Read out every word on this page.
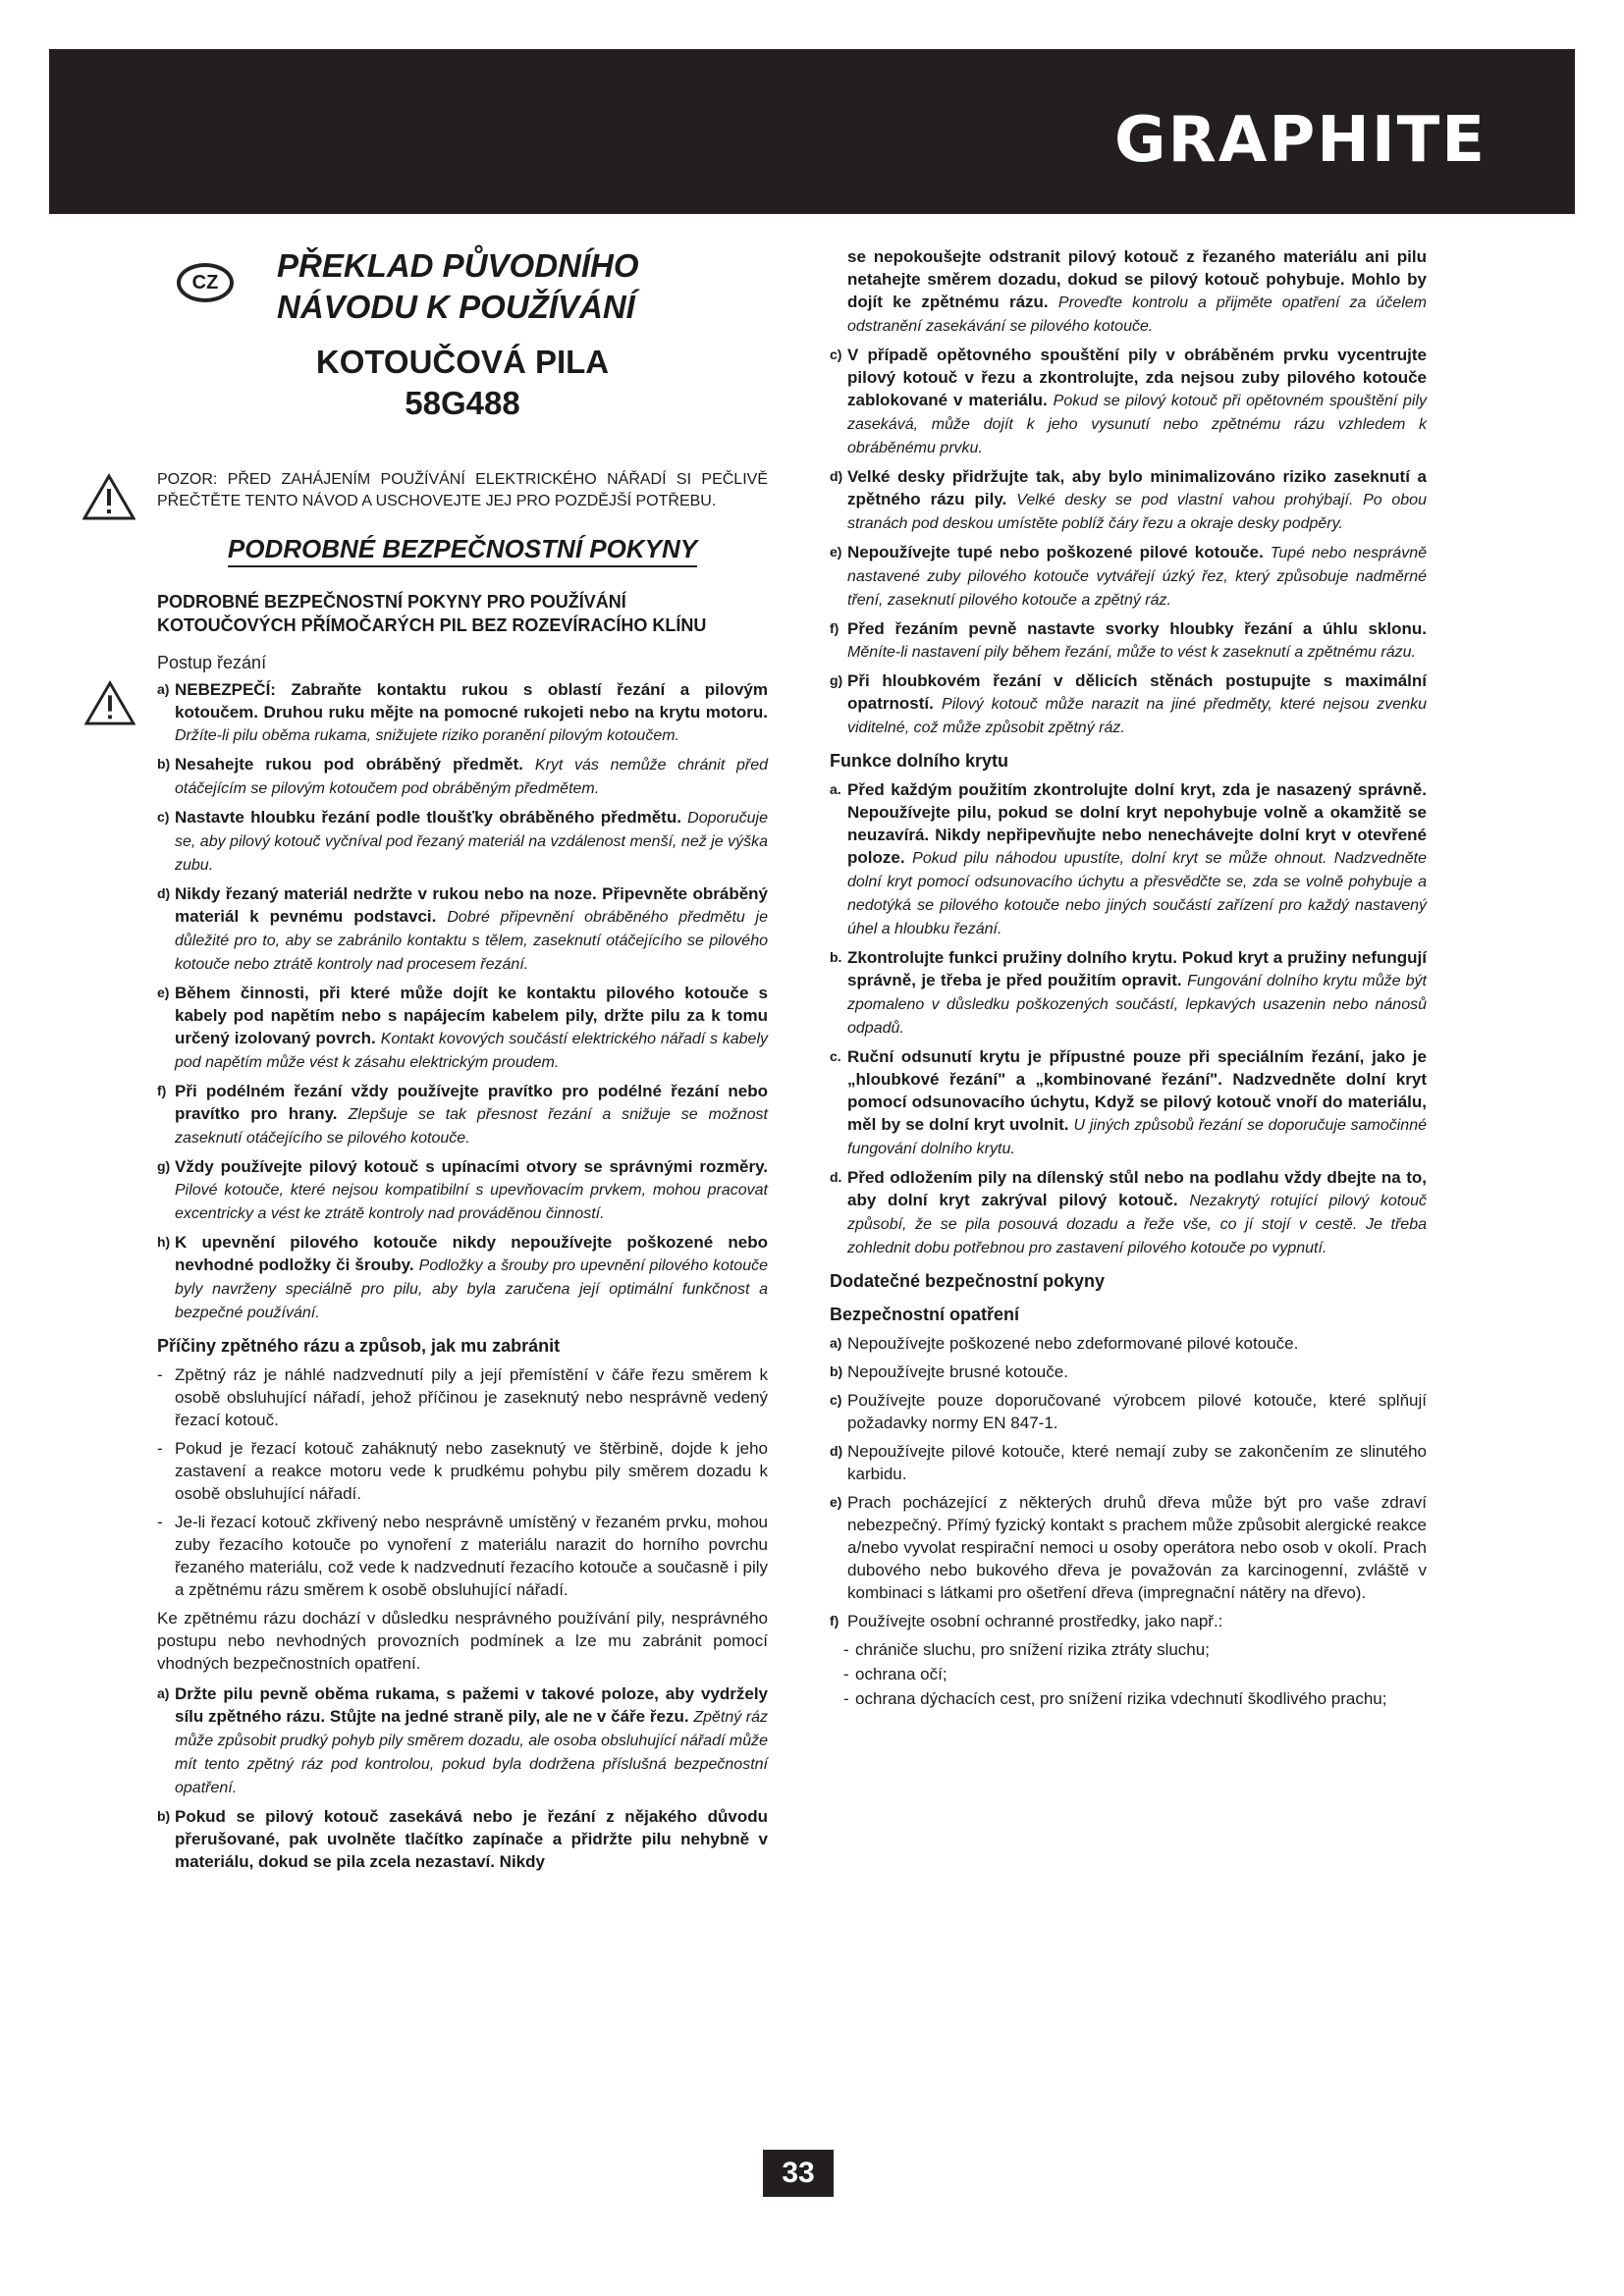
GRAPHITE
CZ	PŘEKLAD PŮVODNÍHO
NÁVODU K POUŽÍVÁNÍ
KOTOUČOVÁ PILA
58G488

POZOR: PŘED ZAHÁJENÍM POUŽÍVÁNÍ ELEKTRICKÉHO NÁŘADÍ SI PEČLIVĚ PŘEČTĚTE TENTO NÁVOD A USCHOVEJTE JEJ PRO POZDĚJŠÍ POTŘEBU.

PODROBNÉ BEZPEČNOSTNÍ POKYNY

PODROBNÉ BEZPEČNOSTNÍ POKYNY PRO POUŽÍVÁNÍ KOTOUČOVÝCH PŘÍMOČARÝCH PIL BEZ ROZEVÍRACÍHO KLÍNU

Postup řezání

a) NEBEZPEČÍ: Zabraňte kontaktu rukou s oblastí řezání a pilovým kotoučem. Druhou ruku mějte na pomocné rukojeti nebo na krytu motoru. Držíte-li pilu oběma rukama, snižujete riziko poranění pilovým kotoučem.
b) Nesahejte rukou pod obráběný předmět. Kryt vás nemůže chránit před otáčejícím se pilovým kotoučem pod obráběným předmětem.
c) Nastavte hloubku řezání podle tloušťky obráběného předmětu. Doporučuje se, aby pilový kotouč vyčníval pod řezaný materiál na vzdálenost menší, než je výška zubu.
d) Nikdy řezaný materiál nedržte v rukou nebo na noze. Připevněte obráběný materiál k pevnému podstavci. Dobré připevnění obráběného předmětu je důležité pro to, aby se zabránilo kontaktu s tělem, zaseknutí otáčejícího se pilového kotouče nebo ztrátě kontroly nad procesem řezání.
e) Během činnosti, při které může dojít ke kontaktu pilového kotouče s kabely pod napětím nebo s napájecím kabelem pily, držte pilu za k tomu určený izolovaný povrch. Kontakt kovových součástí elektrického nářadí s kabely pod napětím může vést k zásahu elektrickým proudem.
f) Při podélném řezání vždy používejte pravítko pro podélné řezání nebo pravítko pro hrany. Zlepšuje se tak přesnost řezání a snižuje se možnost zaseknutí otáčejícího se pilového kotouče.
g) Vždy používejte pilový kotouč s upínacími otvory se správnými rozměry. Pilové kotouče, které nejsou kompatibilní s upevňovacím prvkem, mohou pracovat excentricky a vést ke ztrátě kontroly nad prováděnou činností.
h) K upevnění pilového kotouče nikdy nepoužívejte poškozené nebo nevhodné podložky či šrouby. Podložky a šrouby pro upevnění pilového kotouče byly navrženy speciálně pro pilu, aby byla zaručena její optimální funkčnost a bezpečné používání.

Příčiny zpětného rázu a způsob, jak mu zabránit

- Zpětný ráz je náhlé nadzvednutí pily a její přemístění v čáře řezu směrem k osobě obsluhující nářadí, jehož příčinou je zaseknutý nebo nesprávně vedený řezací kotouč.
- Pokud je řezací kotouč zaháknutý nebo zaseknutý ve štěrbině, dojde k jeho zastavení a reakce motoru vede k prudkému pohybu pily směrem dozadu k osobě obsluhující nářadí.
- Je-li řezací kotouč zkřivený nebo nesprávně umístěný v řezaném prvku, mohou zuby řezacího kotouče po vynoření z materiálu narazit do horního povrchu řezaného materiálu, což vede k nadzvednutí řezacího kotouče a současně i pily a zpětnému rázu směrem k osobě obsluhující nářadí.

Ke zpětnému rázu dochází v důsledku nesprávného používání pily, nesprávného postupu nebo nevhodných provozních podmínek a lze mu zabránit pomocí vhodných bezpečnostních opatření.

a) Držte pilu pevně oběma rukama, s pažemi v takové poloze, aby vydržely sílu zpětného rázu. Stůjte na jedné straně pily, ale ne v čáře řezu. Zpětný ráz může způsobit prudký pohyb pily směrem dozadu, ale osoba obsluhující nářadí může mít tento zpětný ráz pod kontrolou, pokud byla dodržena příslušná bezpečnostní opatření.
b) Pokud se pilový kotouč zasekává nebo je řezání z nějakého důvodu přerušované, pak uvolněte tlačítko zapínače a přidržte pilu nehybně v materiálu, dokud se pila zcela nezastaví. Nikdy
se nepokoušejte odstranit pilový kotouč z řezaného materiálu ani pilu netahejte směrem dozadu, dokud se pilový kotouč pohybuje. Mohlo by dojít ke zpětnému rázu. Proveďte kontrolu a přijměte opatření za účelem odstranění zasekávání se pilového kotouče.
c) V případě opětovného spouštění pily v obráběném prvku vycentrujte pilový kotouč v řezu a zkontrolujte, zda nejsou zuby pilového kotouče zablokované v materiálu. Pokud se pilový kotouč při opětovném spouštění pily zasekává, může dojít k jeho vysunutí nebo zpětnému rázu vzhledem k obráběnému prvku.
d) Velké desky přidržujte tak, aby bylo minimalizováno riziko zaseknutí a zpětného rázu pily. Velké desky se pod vlastní vahou prohýbají. Po obou stranách pod deskou umístěte poblíž čáry řezu a okraje desky podpěry.
e) Nepoužívejte tupé nebo poškozené pilové kotouče. Tupé nebo nesprávně nastavené zuby pilového kotouče vytvářejí úzký řez, který způsobuje nadměrné tření, zaseknutí pilového kotouče a zpětný ráz.
f) Před řezáním pevně nastavte svorky hloubky řezání a úhlu sklonu. Měníte-li nastavení pily během řezání, může to vést k zaseknutí a zpětnému rázu.
g) Při hloubkovém řezání v dělicích stěnách postupujte s maximální opatrností. Pilový kotouč může narazit na jiné předměty, které nejsou zvenku viditelné, což může způsobit zpětný ráz.

Funkce dolního krytu

a. Před každým použitím zkontrolujte dolní kryt, zda je nasazený správně. Nepoužívejte pilu, pokud se dolní kryt nepohybuje volně a okamžitě se neuzavírá. Nikdy nepřipevňujte nebo nenechávejte dolní kryt v otevřené poloze. Pokud pilu náhodou upustíte, dolní kryt se může ohnout. Nadzvedněte dolní kryt pomocí odsunovacího úchytu a přesvědčte se, zda se volně pohybuje a nedotýká se pilového kotouče nebo jiných součástí zařízení pro každý nastavený úhel a hloubku řezání.
b. Zkontrolujte funkci pružiny dolního krytu. Pokud kryt a pružiny nefungují správně, je třeba je před použitím opravit. Fungování dolního krytu může být zpomaleno v důsledku poškozených součástí, lepkavých usazenin nebo nánosů odpadů.
c. Ruční odsunutí krytu je přípustné pouze při speciálním řezání, jako je „hloubkové řezání" a „kombinované řezání". Nadzvedněte dolní kryt pomocí odsunovacího úchytu, Když se pilový kotouč vnoří do materiálu, měl by se dolní kryt uvolnit. U jiných způsobů řezání se doporučuje samočinné fungování dolního krytu.
d. Před odložením pily na dílenský stůl nebo na podlahu vždy dbejte na to, aby dolní kryt zakrýval pilový kotouč. Nezakrytý rotující pilový kotouč způsobí, že se pila posouvá dozadu a řeže vše, co jí stojí v cestě. Je třeba zohlednit dobu potřebnou pro zastavení pilového kotouče po vypnutí.

Dodatečné bezpečnostní pokyny

Bezpečnostní opatření

a) Nepoužívejte poškozené nebo zdeformované pilové kotouče.
b) Nepoužívejte brusné kotouče.
c) Používejte pouze doporučované výrobcem pilové kotouče, které splňují požadavky normy EN 847-1.
d) Nepoužívejte pilové kotouče, které nemají zuby se zakončením ze slinutého karbidu.
e) Prach pocházející z některých druhů dřeva může být pro vaše zdraví nebezpečný. Přímý fyzický kontakt s prachem může způsobit alergické reakce a/nebo vyvolat respirační nemoci u osoby operátora nebo osob v okolí. Prach dubového nebo bukového dřeva je považován za karcinogenní, zvláště v kombinaci s látkami pro ošetření dřeva (impregnační nátěry na dřevo).
f) Používejte osobní ochranné prostředky, jako např.:
- chrániče sluchu, pro snížení rizika ztráty sluchu;
- ochrana očí;
- ochrana dýchacích cest, pro snížení rizika vdechnutí škodlivého prachu;
33
